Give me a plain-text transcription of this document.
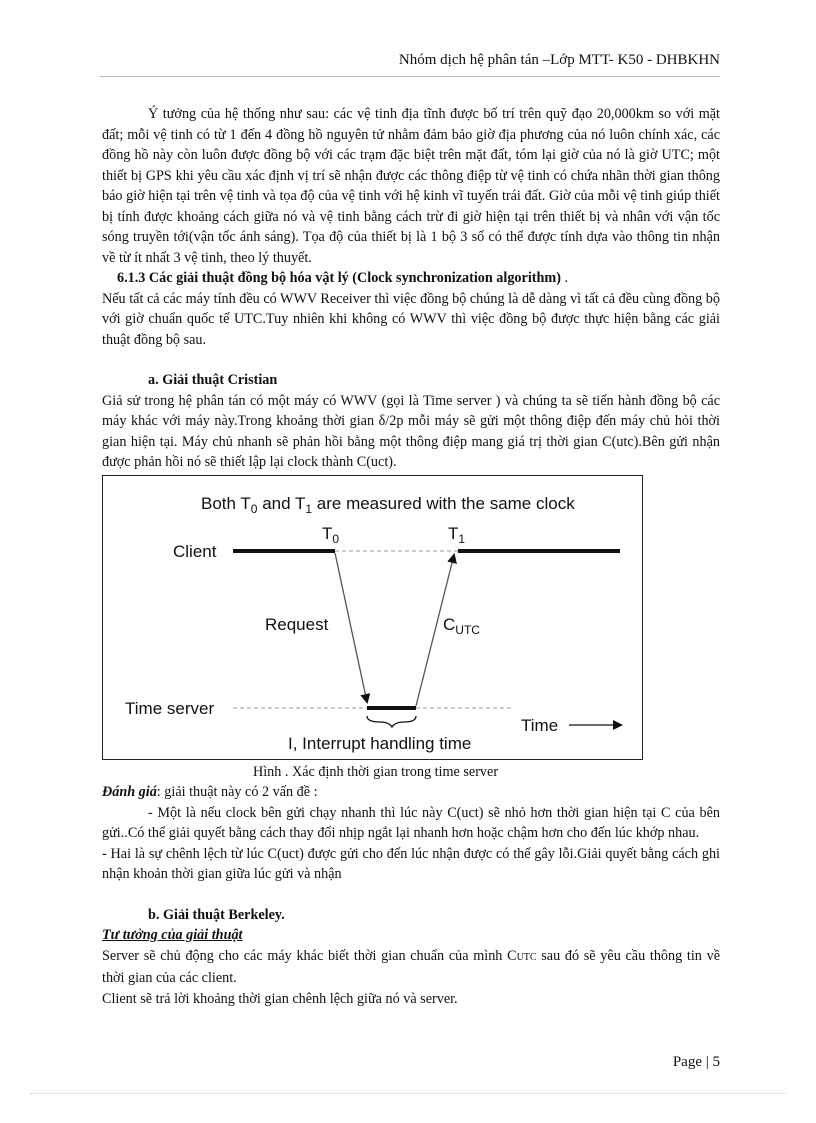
Nhóm dịch hệ phân tán –Lớp MTT- K50 - DHBKHN

Ý tưởng của hệ thống như sau: các vệ tinh địa tĩnh được bố trí trên quỹ đạo 20,000km so với mặt đất; mỗi vệ tinh có từ 1 đến 4 đồng hồ nguyên tử nhằm đảm bảo giờ địa phương của nó luôn chính xác, các đồng hồ này còn luôn được đồng bộ với các trạm đặc biệt trên mặt đất, tóm lại giờ của nó là giờ UTC; một thiết bị GPS khi yêu cầu xác định vị trí sẽ nhận được các thông điệp từ vệ tinh có chứa nhãn thời gian thông báo giờ hiện tại trên vệ tinh và tọa độ của vệ tinh với hệ kinh vĩ tuyến trái đất. Giờ của mỗi vệ tinh giúp thiết bị tính được khoảng cách giữa nó và vệ tinh bằng cách trừ đi giờ hiện tại trên thiết bị và nhân với vận tốc sóng truyền tới(vận tốc ánh sáng). Tọa độ của thiết bị là 1 bộ 3 số có thể được tính dựa vào thông tin nhận về từ ít nhất 3 vệ tinh, theo lý thuyết.

6.1.3 Các giải thuật đồng bộ hóa vật lý (Clock synchronization algorithm) .

Nếu tất cả các máy tính đều có WWV Receiver thì việc đồng bộ chúng là dễ dàng vì tất cả đều cùng đồng bộ với giờ chuẩn quốc tế UTC.Tuy nhiên khi không có WWV thì việc đồng bộ được thực hiện bằng các giải thuật đồng bộ sau.

a. Giải thuật Cristian

Giả sử trong hệ phân tán có một máy có WWV (gọi là Time server ) và chúng ta sẽ tiến hành đồng bộ các máy khác với máy này.Trong khoảng thời gian δ/2p mỗi máy sẽ gửi một thông điệp đến máy chủ hỏi thời gian hiện tại. Máy chủ nhanh sẽ phản hồi bằng một thông điệp mang giá trị thời gian C(utc).Bên gửi nhận được phản hồi nó sẽ thiết lập lại clock thành C(uct).

Both $T_0$ and $T_1$ are measured with the same clock
Client
$T_0$	$T_1$
Request	$C_{UTC}$
Time server
I, Interrupt handling time
Time

Hình . Xác định thời gian trong time server

Đánh giá: giải thuật này có 2 vấn đề :

- Một là nếu clock bên gửi chạy nhanh thì lúc này C(uct) sẽ nhỏ hơn thời gian hiện tại C của bên gửi..Có thể giải quyết bằng cách thay đổi nhịp ngắt lại nhanh hơn hoặc chậm hơn cho đến lúc khớp nhau.

- Hai là sự chênh lệch từ lúc C(uct) được gửi cho đến lúc nhận được có thể gây lỗi.Giải quyết bằng cách ghi nhận khoản thời gian giữa lúc gửi và nhận

b. Giải thuật Berkeley.

Tư tưởng của giải thuật

Server sẽ chủ động cho các máy khác biết thời gian chuẩn của mình CUTC sau đó sẽ yêu cầu thông tin về thời gian của các client.

Client sẽ trả lời khoảng thời gian chênh lệch giữa nó và server.

Page | 5
